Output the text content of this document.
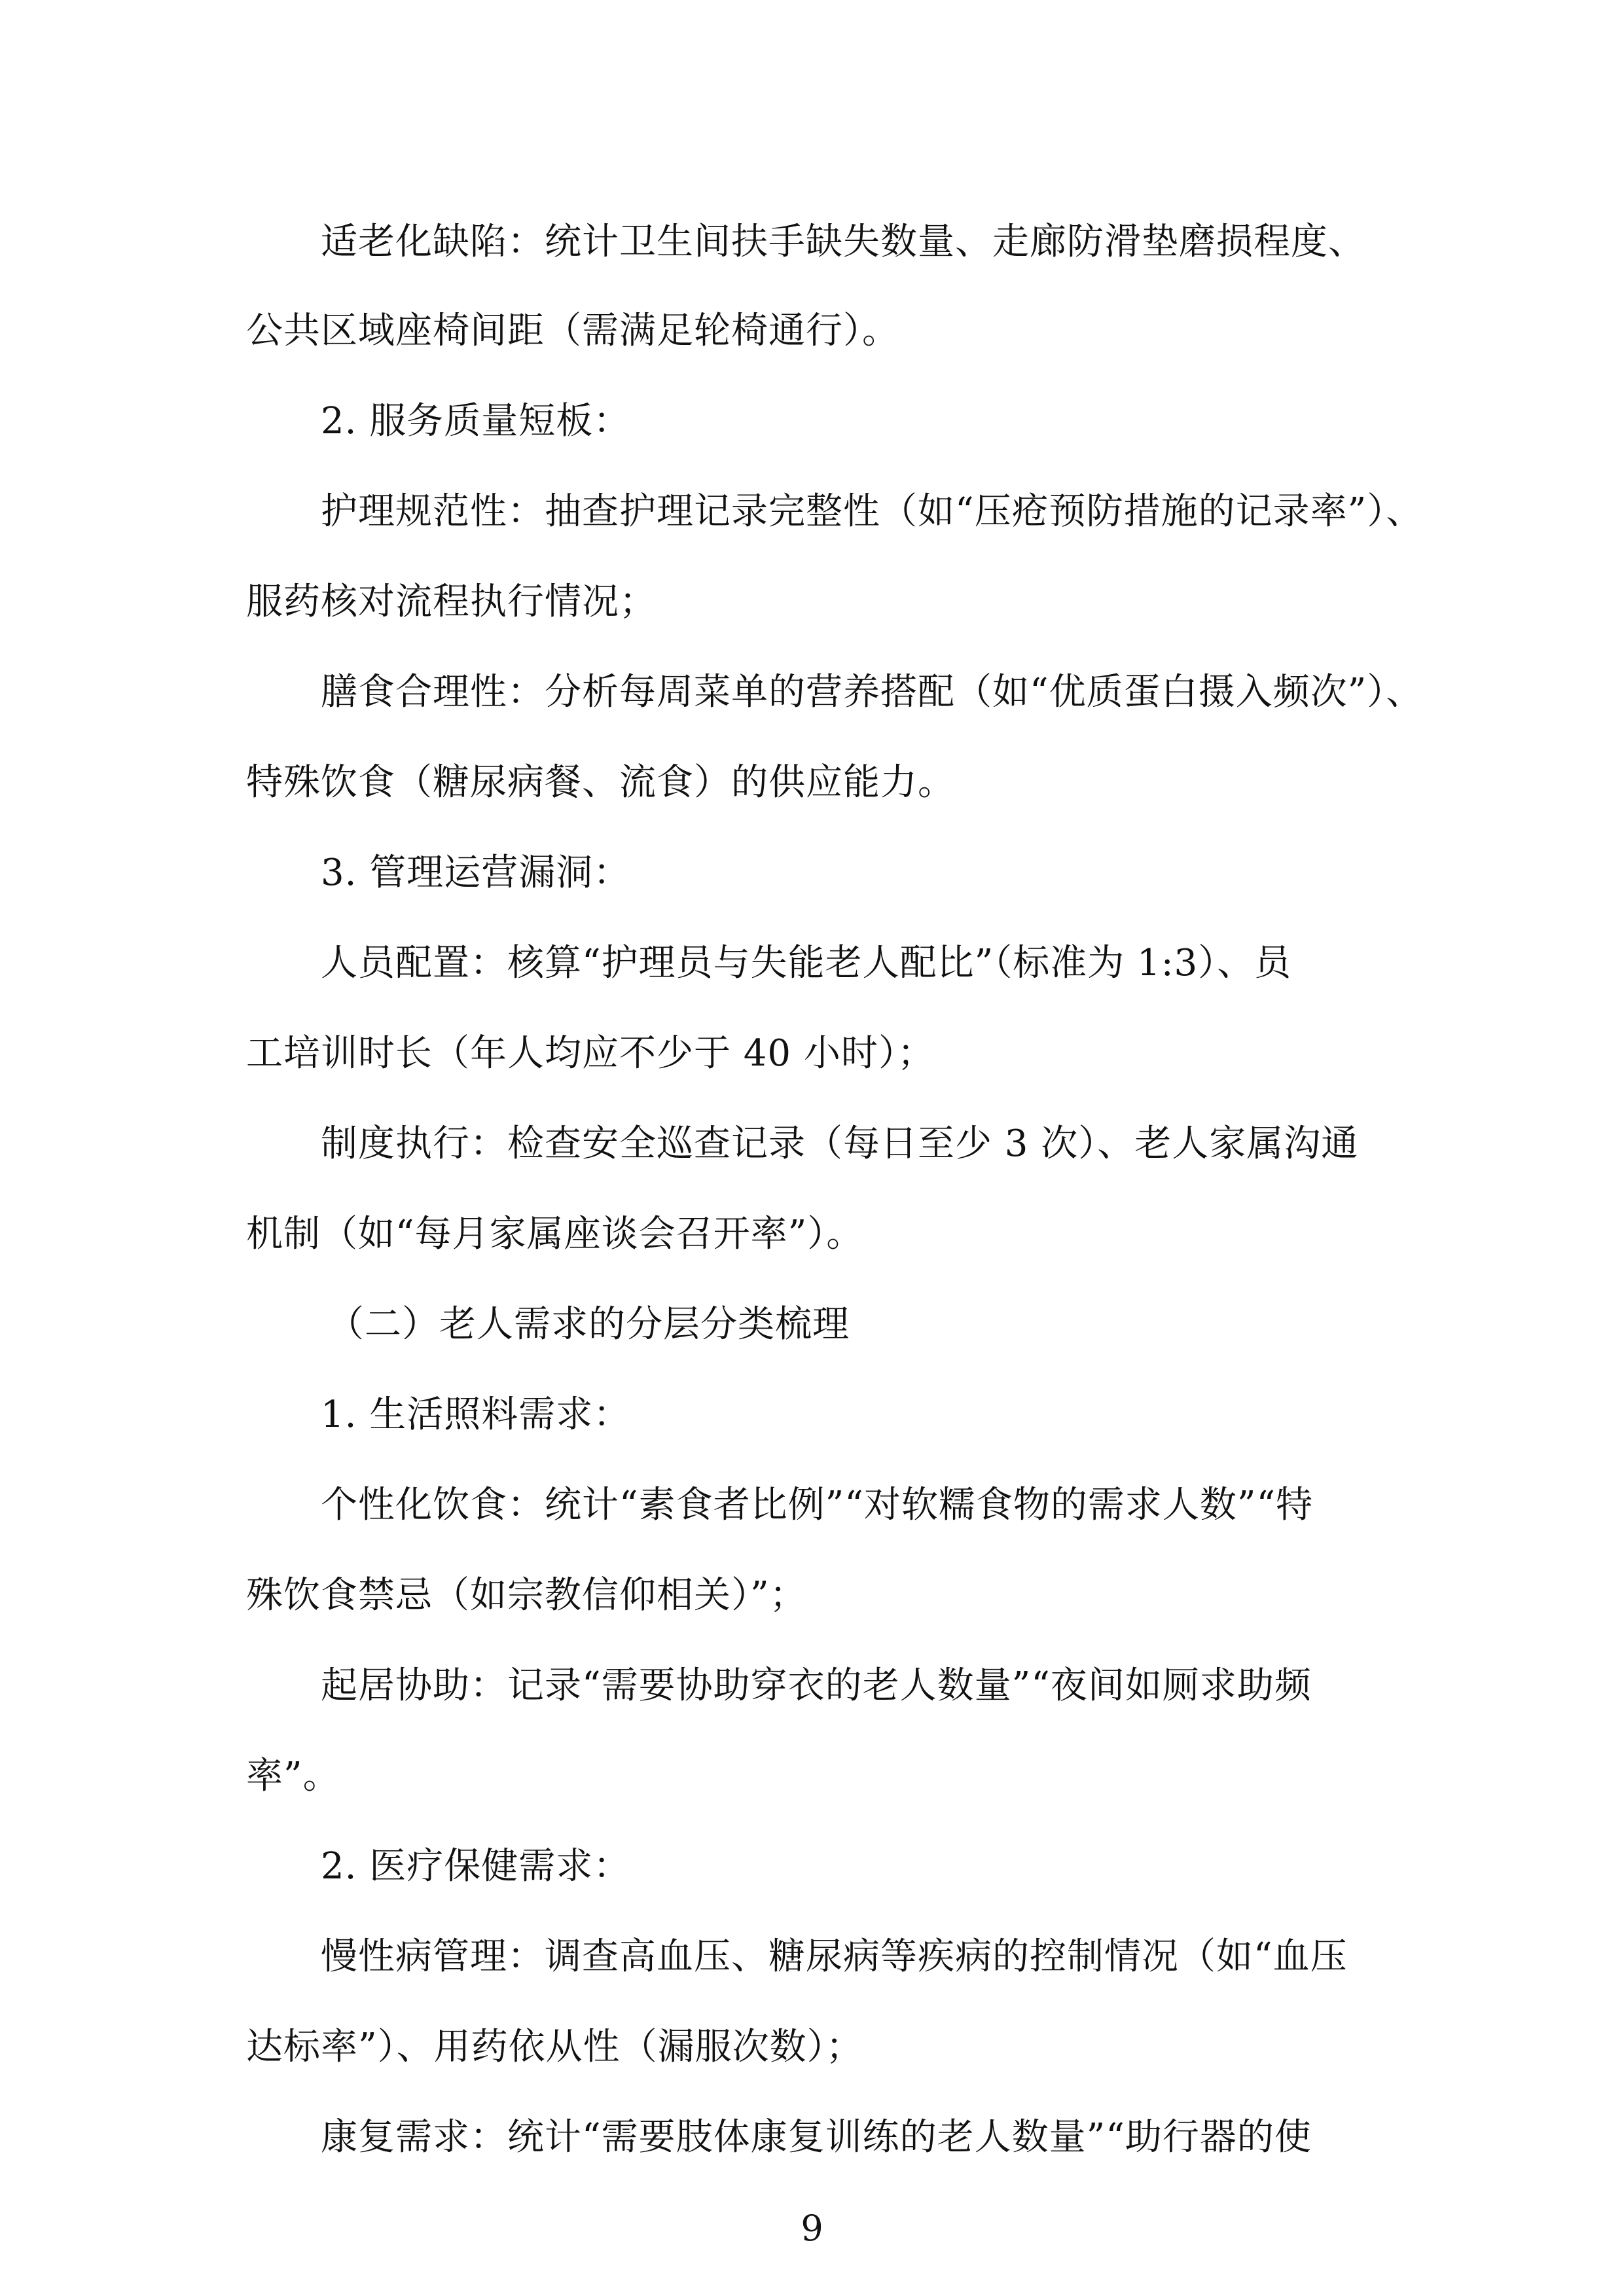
适老化缺陷：统计卫生间扶手缺失数量、走廊防滑垫磨损程度、
公共区域座椅间距（需满足轮椅通行）。
2. 服务质量短板：
护理规范性：抽查护理记录完整性（如“压疮预防措施的记录率”）、
服药核对流程执行情况；
膳食合理性：分析每周菜单的营养搭配（如“优质蛋白摄入频次”）、
特殊饮食（糖尿病餐、流食）的供应能力。
3. 管理运营漏洞：
人员配置：核算“护理员与失能老人配比”（标准为 1:3）、员
工培训时长（年人均应不少于 40 小时）；
制度执行：检查安全巡查记录（每日至少 3 次）、老人家属沟通
机制（如“每月家属座谈会召开率”）。
（二）老人需求的分层分类梳理
1. 生活照料需求：
个性化饮食：统计“素食者比例”“对软糯食物的需求人数”“特
殊饮食禁忌（如宗教信仰相关）”；
起居协助：记录“需要协助穿衣的老人数量”“夜间如厕求助频
率”。
2. 医疗保健需求：
慢性病管理：调查高血压、糖尿病等疾病的控制情况（如“血压
达标率”）、用药依从性（漏服次数）；
康复需求：统计“需要肢体康复训练的老人数量”“助行器的使
9
